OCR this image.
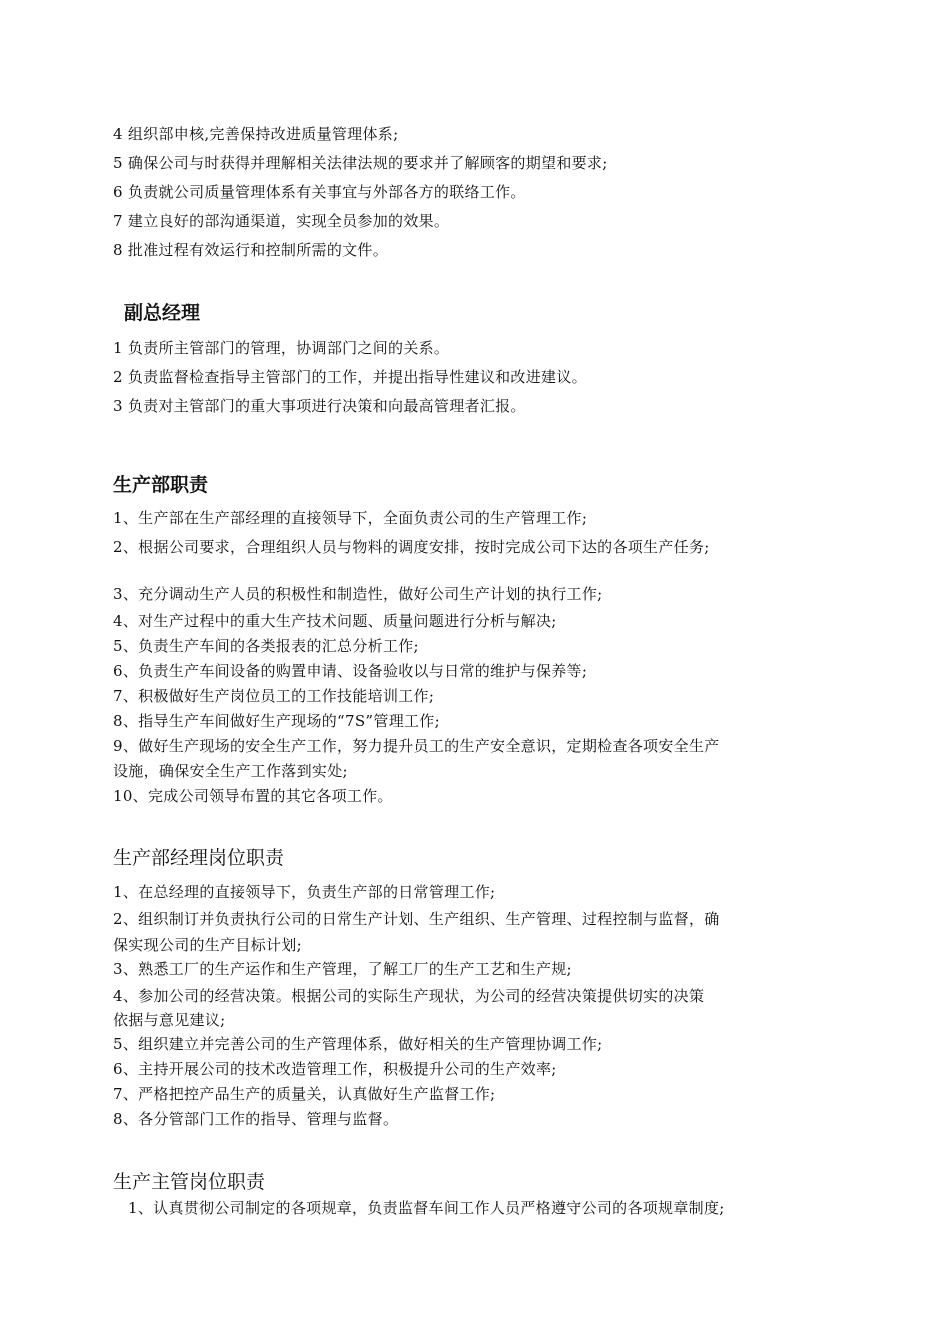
4 组织部申核,完善保持改进质量管理体系;
5 确保公司与时获得并理解相关法律法规的要求并了解顾客的期望和要求;
6 负责就公司质量管理体系有关事宜与外部各方的联络工作。
7 建立良好的部沟通渠道，实现全员参加的效果。
8 批准过程有效运行和控制所需的文件。
副总经理
1 负责所主管部门的管理，协调部门之间的关系。
2 负责监督检查指导主管部门的工作，并提出指导性建议和改进建议。
3 负责对主管部门的重大事项进行决策和向最高管理者汇报。
生产部职责
1、生产部在生产部经理的直接领导下，全面负责公司的生产管理工作;
2、根据公司要求，合理组织人员与物料的调度安排，按时完成公司下达的各项生产任务;
3、充分调动生产人员的积极性和制造性，做好公司生产计划的执行工作;
4、对生产过程中的重大生产技术问题、质量问题进行分析与解决;
5、负责生产车间的各类报表的汇总分析工作;
6、负责生产车间设备的购置申请、设备验收以与日常的维护与保养等;
7、积极做好生产岗位员工的工作技能培训工作;
8、指导生产车间做好生产现场的“7S”管理工作;
9、做好生产现场的安全生产工作，努力提升员工的生产安全意识，定期检查各项安全生产
设施，确保安全生产工作落到实处;
10、完成公司领导布置的其它各项工作。
生产部经理岗位职责
1、在总经理的直接领导下，负责生产部的日常管理工作;
2、组织制订并负责执行公司的日常生产计划、生产组织、生产管理、过程控制与监督，确
保实现公司的生产目标计划;
3、熟悉工厂的生产运作和生产管理，了解工厂的生产工艺和生产规;
4、参加公司的经营决策。根据公司的实际生产现状，为公司的经营决策提供切实的决策
依据与意见建议;
5、组织建立并完善公司的生产管理体系，做好相关的生产管理协调工作;
6、主持开展公司的技术改造管理工作，积极提升公司的生产效率;
7、严格把控产品生产的质量关，认真做好生产监督工作;
8、各分管部门工作的指导、管理与监督。
生产主管岗位职责
1、认真贯彻公司制定的各项规章，负责监督车间工作人员严格遵守公司的各项规章制度;
